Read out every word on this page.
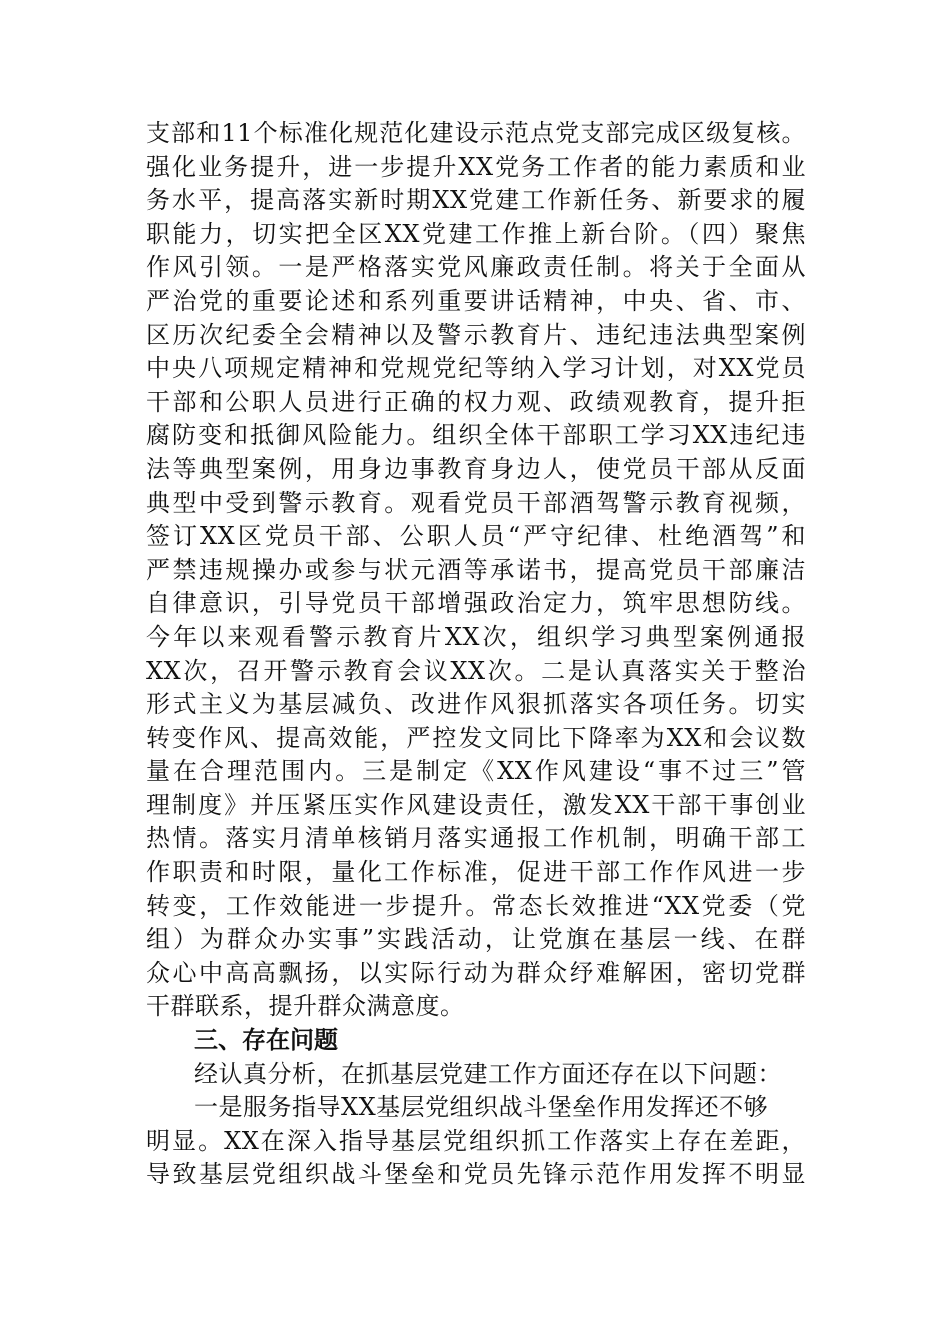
支部和11个标准化规范化建设示范点党支部完成区级复核。
强化业务提升，进一步提升XX党务工作者的能力素质和业
务水平，提高落实新时期XX党建工作新任务、新要求的履
职能力，切实把全区XX党建工作推上新台阶。（四）聚焦
作风引领。一是严格落实党风廉政责任制。将关于全面从
严治党的重要论述和系列重要讲话精神，中央、省、市、
区历次纪委全会精神以及警示教育片、违纪违法典型案例
中央八项规定精神和党规党纪等纳入学习计划，对XX党员
干部和公职人员进行正确的权力观、政绩观教育，提升拒
腐防变和抵御风险能力。组织全体干部职工学习XX违纪违
法等典型案例，用身边事教育身边人，使党员干部从反面
典型中受到警示教育。观看党员干部酒驾警示教育视频，
签订XX区党员干部、公职人员“严守纪律、杜绝酒驾”和
严禁违规操办或参与状元酒等承诺书，提高党员干部廉洁
自律意识，引导党员干部增强政治定力，筑牢思想防线。
今年以来观看警示教育片XX次，组织学习典型案例通报
XX次，召开警示教育会议XX次。二是认真落实关于整治
形式主义为基层减负、改进作风狠抓落实各项任务。切实
转变作风、提高效能，严控发文同比下降率为XX和会议数
量在合理范围内。三是制定《XX作风建设“事不过三”管
理制度》并压紧压实作风建设责任，激发XX干部干事创业
热情。落实月清单核销月落实通报工作机制，明确干部工
作职责和时限，量化工作标准，促进干部工作作风进一步
转变，工作效能进一步提升。常态长效推进“XX党委（党
组）为群众办实事”实践活动，让党旗在基层一线、在群
众心中高高飘扬，以实际行动为群众纾难解困，密切党群
干群联系，提升群众满意度。
三、存在问题
经认真分析，在抓基层党建工作方面还存在以下问题：
一是服务指导XX基层党组织战斗堡垒作用发挥还不够
明显。XX在深入指导基层党组织抓工作落实上存在差距，
导致基层党组织战斗堡垒和党员先锋示范作用发挥不明显
